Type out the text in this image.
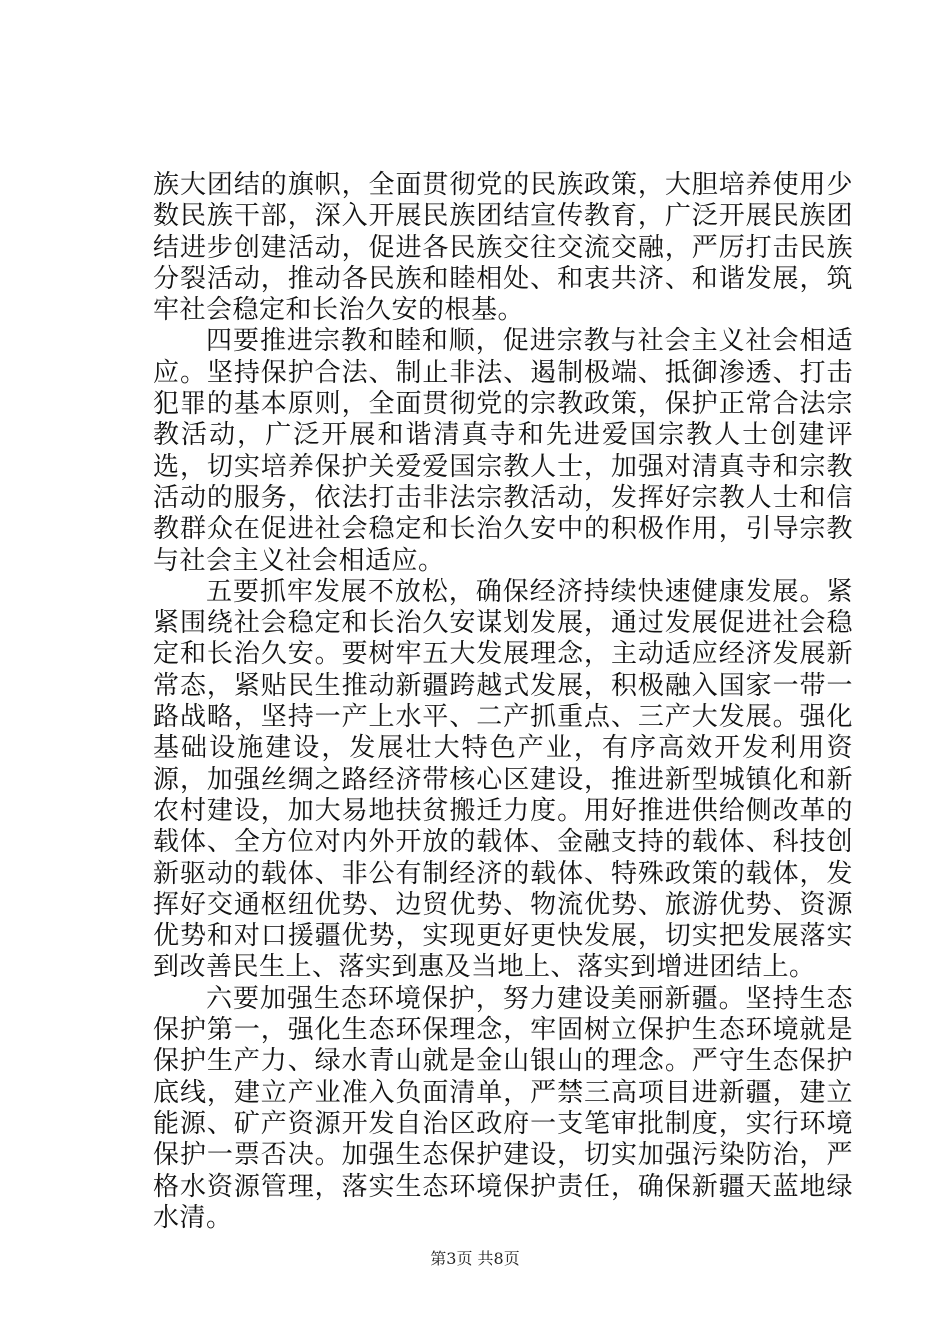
族大团结的旗帜，全面贯彻党的民族政策，大胆培养使用少数民族干部，深入开展民族团结宣传教育，广泛开展民族团结进步创建活动，促进各民族交往交流交融，严厉打击民族分裂活动，推动各民族和睦相处、和衷共济、和谐发展，筑牢社会稳定和长治久安的根基。

四要推进宗教和睦和顺，促进宗教与社会主义社会相适应。坚持保护合法、制止非法、遏制极端、抵御渗透、打击犯罪的基本原则，全面贯彻党的宗教政策，保护正常合法宗教活动，广泛开展和谐清真寺和先进爱国宗教人士创建评选，切实培养保护关爱爱国宗教人士，加强对清真寺和宗教活动的服务，依法打击非法宗教活动，发挥好宗教人士和信教群众在促进社会稳定和长治久安中的积极作用，引导宗教与社会主义社会相适应。

五要抓牢发展不放松，确保经济持续快速健康发展。紧紧围绕社会稳定和长治久安谋划发展，通过发展促进社会稳定和长治久安。要树牢五大发展理念，主动适应经济发展新常态，紧贴民生推动新疆跨越式发展，积极融入国家一带一路战略，坚持一产上水平、二产抓重点、三产大发展。强化基础设施建设，发展壮大特色产业，有序高效开发利用资源，加强丝绸之路经济带核心区建设，推进新型城镇化和新农村建设，加大易地扶贫搬迁力度。用好推进供给侧改革的载体、全方位对内外开放的载体、金融支持的载体、科技创新驱动的载体、非公有制经济的载体、特殊政策的载体，发挥好交通枢纽优势、边贸优势、物流优势、旅游优势、资源优势和对口援疆优势，实现更好更快发展，切实把发展落实到改善民生上、落实到惠及当地上、落实到增进团结上。

六要加强生态环境保护，努力建设美丽新疆。坚持生态保护第一，强化生态环保理念，牢固树立保护生态环境就是保护生产力、绿水青山就是金山银山的理念。严守生态保护底线，建立产业准入负面清单，严禁三高项目进新疆，建立能源、矿产资源开发自治区政府一支笔审批制度，实行环境保护一票否决。加强生态保护建设，切实加强污染防治，严格水资源管理，落实生态环境保护责任，确保新疆天蓝地绿水清。

第3页 共8页
